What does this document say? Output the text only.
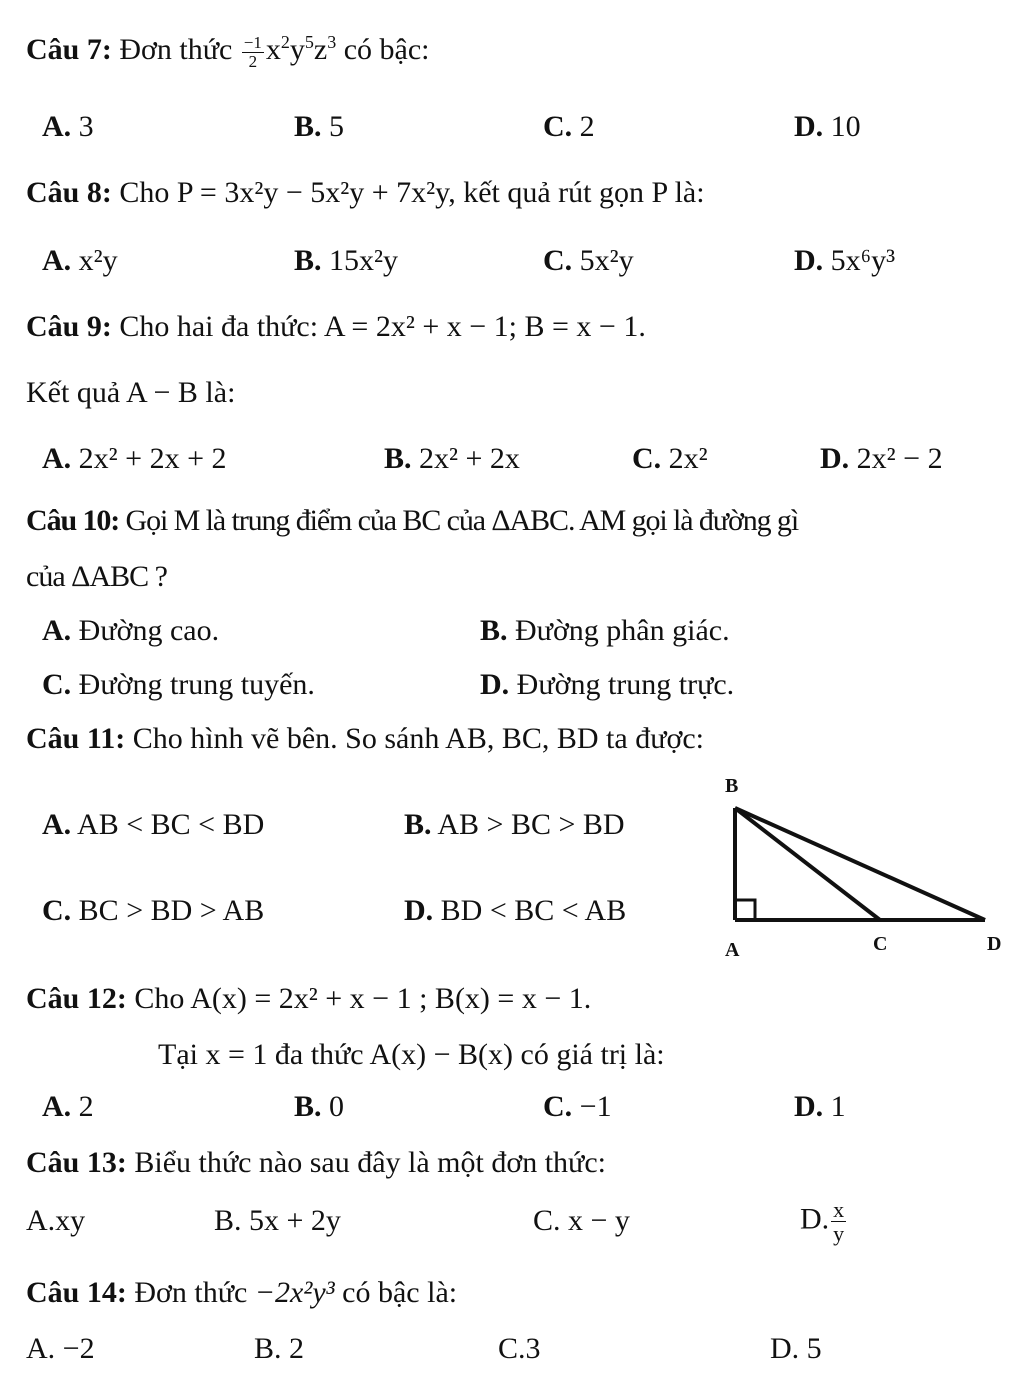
Câu 7: Đơn thức $\frac{-1}{2} x^2y^5z^3$ có bậc:
A. 3	B. 5	C. 2	D. 10
Câu 8: Cho P = 3x²y − 5x²y + 7x²y, kết quả rút gọn P là:
A. x²y	B. 15x²y	C. 5x²y	D. 5x⁶y³
Câu 9: Cho hai đa thức: A = 2x² + x − 1; B = x − 1.
Kết quả A − B là:
A. 2x² + 2x + 2	B. 2x² + 2x	C. 2x²	D. 2x² − 2
Câu 10: Gọi M là trung điểm của BC của ΔABC. AM gọi là đường gì
của ΔABC ?
A. Đường cao.	B. Đường phân giác.
C. Đường trung tuyến.	D. Đường trung trực.
Câu 11: Cho hình vẽ bên. So sánh AB, BC, BD ta được:
A. AB < BC < BD	B. AB > BC > BD
C. BC > BD > AB	D. BD < BC < AB
B
A	C	D
Câu 12: Cho A(x) = 2x² + x − 1 ; B(x) = x − 1.
Tại x = 1 đa thức A(x) − B(x) có giá trị là:
A. 2	B. 0	C. −1	D. 1
Câu 13: Biểu thức nào sau đây là một đơn thức:
A.xy	B. 5x + 2y	C. x − y	D. $\frac{x}{y}$
Câu 14: Đơn thức −2x²y³ có bậc là:
A. −2	B. 2	C.3	D. 5
